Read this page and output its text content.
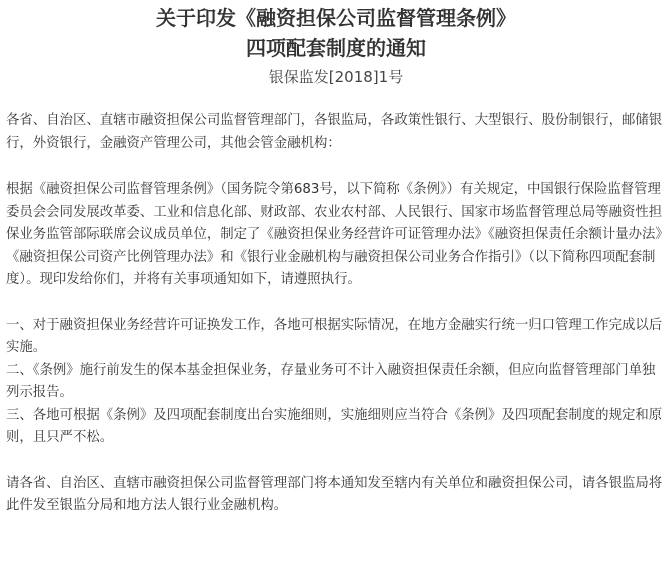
关于印发《融资担保公司监督管理条例》
四项配套制度的通知
银保监发[2018]1号

各省、自治区、直辖市融资担保公司监督管理部门，各银监局，各政策性银行、大型银行、股份制银行，邮储银行，外资银行，金融资产管理公司，其他会管金融机构：

根据《融资担保公司监督管理条例》（国务院令第683号，以下简称《条例》）有关规定，中国银行保险监督管理委员会会同发展改革委、工业和信息化部、财政部、农业农村部、人民银行、国家市场监督管理总局等融资性担保业务监管部际联席会议成员单位，制定了《融资担保业务经营许可证管理办法》《融资担保责任余额计量办法》《融资担保公司资产比例管理办法》和《银行业金融机构与融资担保公司业务合作指引》（以下简称四项配套制度）。现印发给你们，并将有关事项通知如下，请遵照执行。

一、对于融资担保业务经营许可证换发工作，各地可根据实际情况，在地方金融实行统一归口管理工作完成以后实施。

二、《条例》施行前发生的保本基金担保业务，存量业务可不计入融资担保责任余额，但应向监督管理部门单独列示报告。

三、各地可根据《条例》及四项配套制度出台实施细则，实施细则应当符合《条例》及四项配套制度的规定和原则，且只严不松。

请各省、自治区、直辖市融资担保公司监督管理部门将本通知发至辖内有关单位和融资担保公司，请各银监局将此件发至银监分局和地方法人银行业金融机构。
